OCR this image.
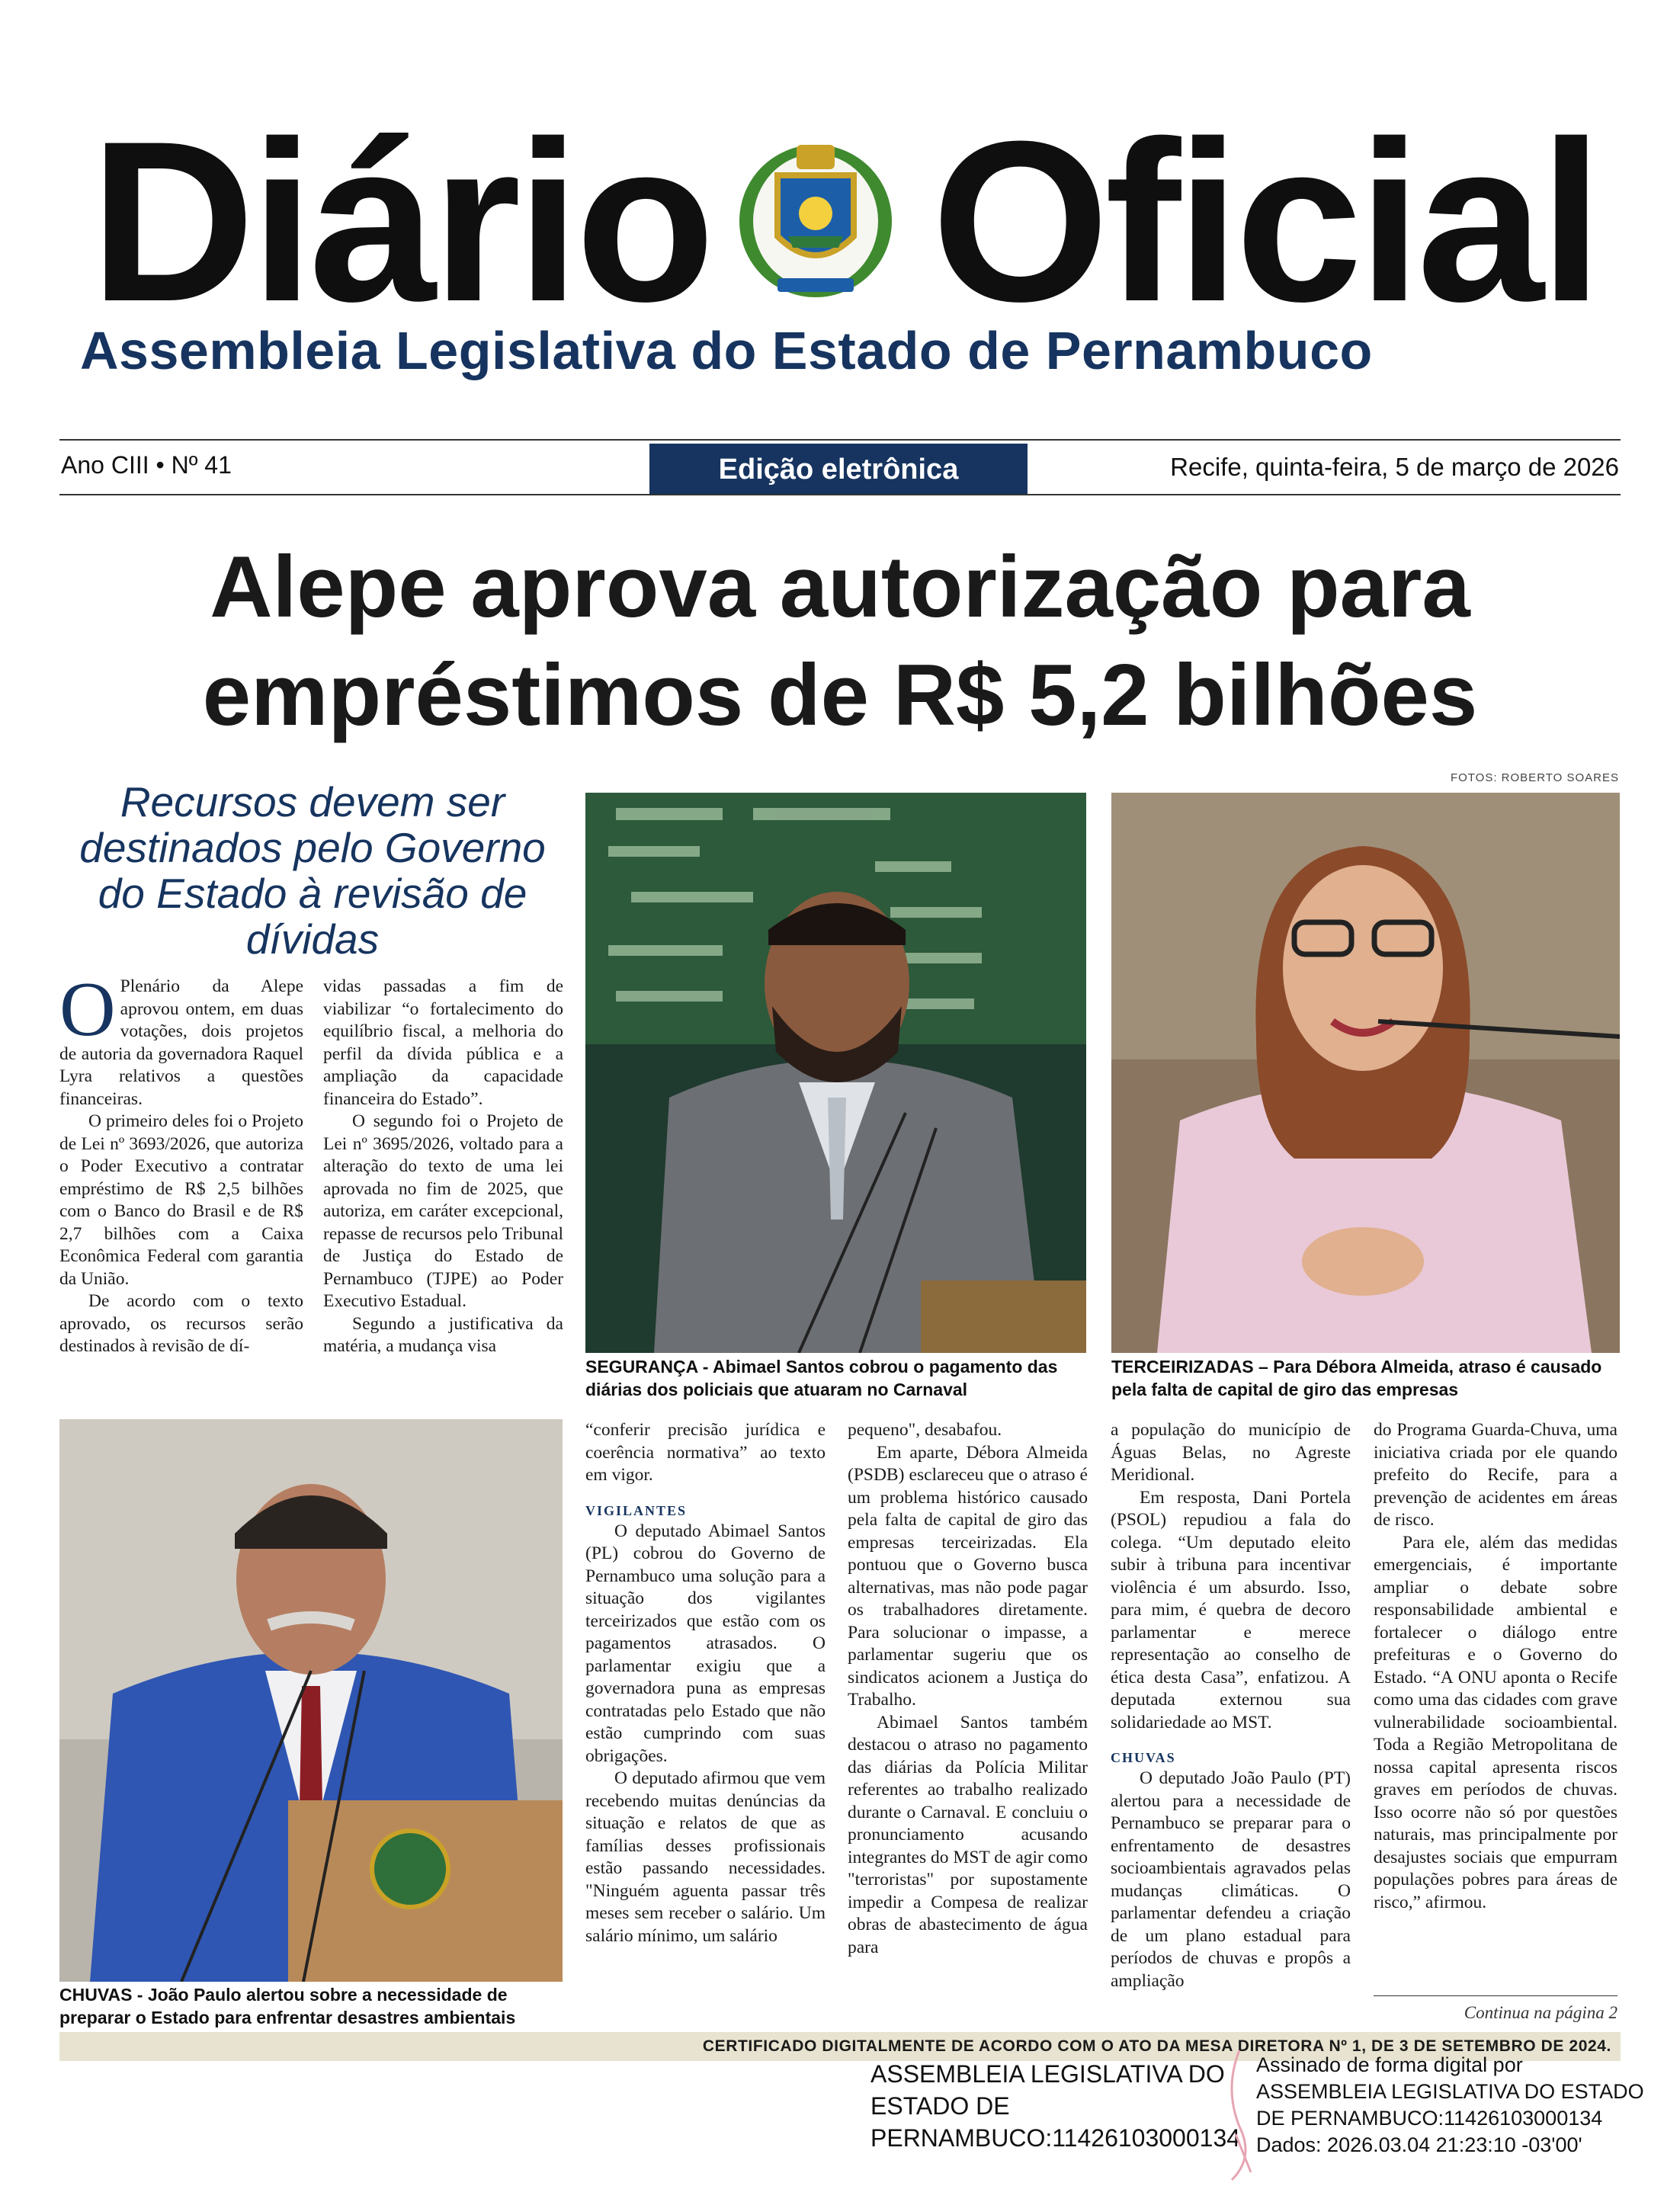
Diário Oficial
Assembleia Legislativa do Estado de Pernambuco
Ano CIII • Nº 41	Edição eletrônica	Recife, quinta-feira, 5 de março de 2026
Alepe aprova autorização para
empréstimos de R$ 5,2 bilhões
FOTOS: ROBERTO SOARES
Recursos devem ser destinados pelo Governo do Estado à revisão de dívidas

O Plenário da Alepe aprovou ontem, em duas votações, dois projetos de autoria da governadora Raquel Lyra relativos a questões financeiras.

O primeiro deles foi o Projeto de Lei nº 3693/2026, que autoriza o Poder Executivo a contratar empréstimo de R$ 2,5 bilhões com o Banco do Brasil e de R$ 2,7 bilhões com a Caixa Econômica Federal com garantia da União.

De acordo com o texto aprovado, os recursos serão destinados à revisão de dí-

vidas passadas a fim de viabilizar “o fortalecimento do equilíbrio fiscal, a melhoria do perfil da dívida pública e a ampliação da capacidade financeira do Estado”.

O segundo foi o Projeto de Lei nº 3695/2026, voltado para a alteração do texto de uma lei aprovada no fim de 2025, que autoriza, em caráter excepcional, repasse de recursos pelo Tribunal de Justiça do Estado de Pernambuco (TJPE) ao Poder Executivo Estadual.

Segundo a justificativa da matéria, a mudança visa

SEGURANÇA - Abimael Santos cobrou o pagamento das diárias dos policiais que atuaram no Carnaval
TERCEIRIZADAS – Para Débora Almeida, atraso é causado pela falta de capital de giro das empresas
CHUVAS - João Paulo alertou sobre a necessidade de preparar o Estado para enfrentar desastres ambientais

“conferir precisão jurídica e coerência normativa” ao texto em vigor.

VIGILANTES

O deputado Abimael Santos (PL) cobrou do Governo de Pernambuco uma solução para a situação dos vigilantes terceirizados que estão com os pagamentos atrasados. O parlamentar exigiu que a governadora puna as empresas contratadas pelo Estado que não estão cumprindo com suas obrigações.

O deputado afirmou que vem recebendo muitas denúncias da situação e relatos de que as famílias desses profissionais estão passando necessidades. "Ninguém aguenta passar três meses sem receber o salário. Um salário mínimo, um salário

pequeno", desabafou.

Em aparte, Débora Almeida (PSDB) esclareceu que o atraso é um problema histórico causado pela falta de capital de giro das empresas terceirizadas. Ela pontuou que o Governo busca alternativas, mas não pode pagar os trabalhadores diretamente. Para solucionar o impasse, a parlamentar sugeriu que os sindicatos acionem a Justiça do Trabalho.

Abimael Santos também destacou o atraso no pagamento das diárias da Polícia Militar referentes ao trabalho realizado durante o Carnaval. E concluiu o pronunciamento acusando integrantes do MST de agir como "terroristas" por supostamente impedir a Compesa de realizar obras de abastecimento de água para

a população do município de Águas Belas, no Agreste Meridional.

Em resposta, Dani Portela (PSOL) repudiou a fala do colega. “Um deputado eleito subir à tribuna para incentivar violência é um absurdo. Isso, para mim, é quebra de decoro parlamentar e merece representação ao conselho de ética desta Casa”, enfatizou. A deputada externou sua solidariedade ao MST.

CHUVAS

O deputado João Paulo (PT) alertou para a necessidade de Pernambuco se preparar para o enfrentamento de desastres socioambientais agravados pelas mudanças climáticas. O parlamentar defendeu a criação de um plano estadual para períodos de chuvas e propôs a ampliação

do Programa Guarda-Chuva, uma iniciativa criada por ele quando prefeito do Recife, para a prevenção de acidentes em áreas de risco.

Para ele, além das medidas emergenciais, é importante ampliar o debate sobre responsabilidade ambiental e fortalecer o diálogo entre prefeituras e o Governo do Estado. “A ONU aponta o Recife como uma das cidades com grave vulnerabilidade socioambiental. Toda a Região Metropolitana de nossa capital apresenta riscos graves em períodos de chuvas. Isso ocorre não só por questões naturais, mas principalmente por desajustes sociais que empurram populações pobres para áreas de risco,” afirmou.

Continua na página 2
CERTIFICADO DIGITALMENTE DE ACORDO COM O ATO DA MESA DIRETORA Nº 1, DE 3 DE SETEMBRO DE 2024.
ASSEMBLEIA LEGISLATIVA DO
ESTADO DE
PERNAMBUCO:11426103000134
Assinado de forma digital por
ASSEMBLEIA LEGISLATIVA DO ESTADO
DE PERNAMBUCO:11426103000134
Dados: 2026.03.04 21:23:10 -03'00'
